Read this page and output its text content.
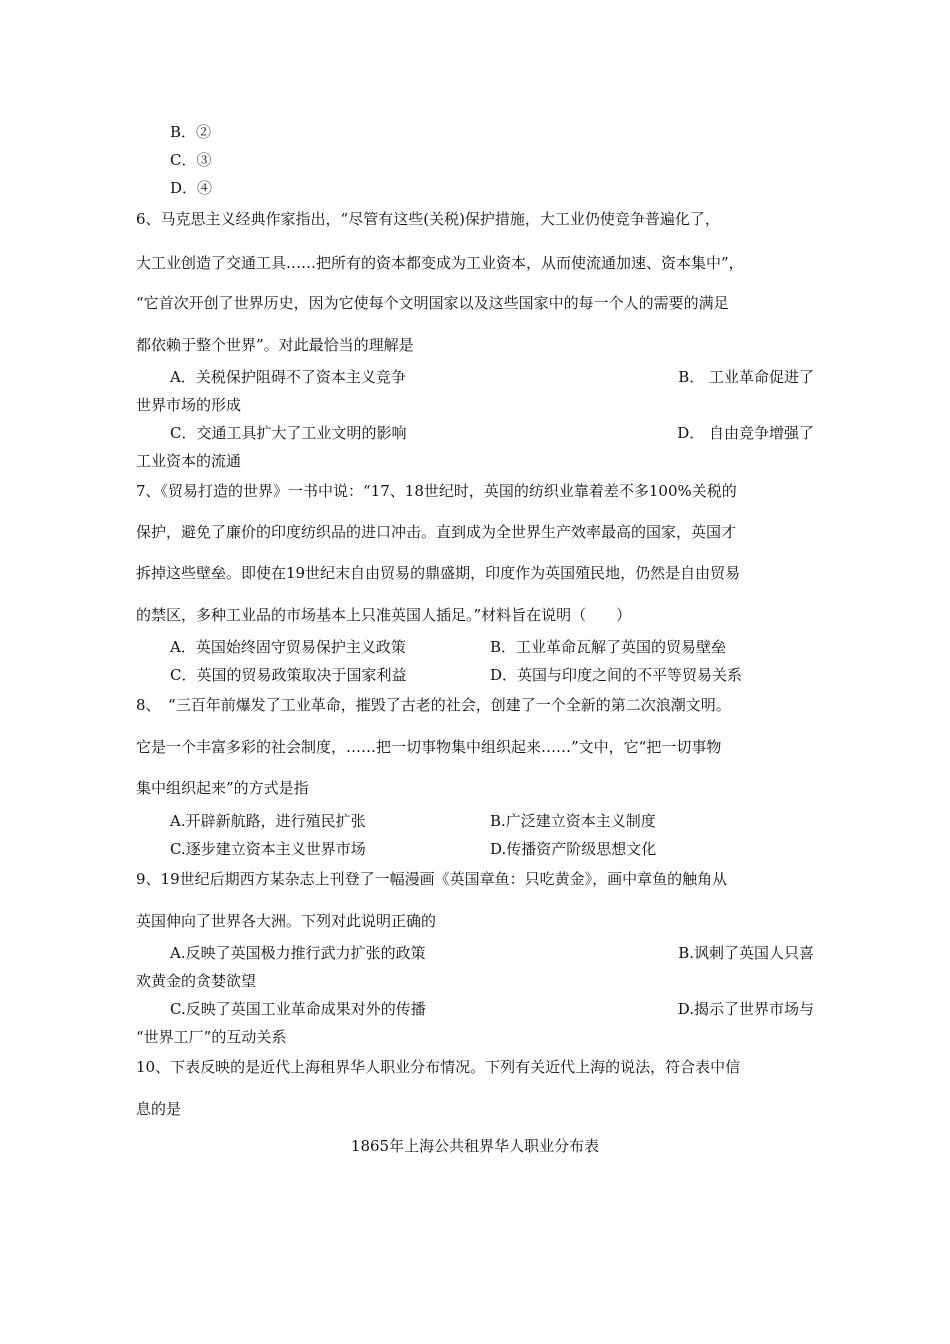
B．②
C．③
D．④
6、马克思主义经典作家指出，“尽管有这些(关税)保护措施，大工业仍使竞争普遍化了，
大工业创造了交通工具……把所有的资本都变成为工业资本，从而使流通加速、资本集中”，
“它首次开创了世界历史，因为它使每个文明国家以及这些国家中的每一个人的需要的满足
都依赖于整个世界”。对此最恰当的理解是
A．关税保护阻碍不了资本主义竞争	B． 工业革命促进了
世界市场的形成
C．交通工具扩大了工业文明的影响	D． 自由竞争增强了
工业资本的流通
7、《贸易打造的世界》一书中说：“17、18世纪时，英国的纺织业靠着差不多100%关税的
保护，避免了廉价的印度纺织品的进口冲击。直到成为全世界生产效率最高的国家，英国才
拆掉这些壁垒。即使在19世纪末自由贸易的鼎盛期，印度作为英国殖民地，仍然是自由贸易
的禁区，多种工业品的市场基本上只准英国人插足。”材料旨在说明（　　）
A．英国始终固守贸易保护主义政策	B．工业革命瓦解了英国的贸易壁垒
C．英国的贸易政策取决于国家利益	D．英国与印度之间的不平等贸易关系
8、　“三百年前爆发了工业革命，摧毁了古老的社会，创建了一个全新的第二次浪潮文明。
它是一个丰富多彩的社会制度，……把一切事物集中组织起来……”文中，它“把一切事物
集中组织起来”的方式是指
A.开辟新航路，进行殖民扩张	B.广泛建立资本主义制度
C.逐步建立资本主义世界市场	D.传播资产阶级思想文化
9、19世纪后期西方某杂志上刊登了一幅漫画《英国章鱼：只吃黄金》，画中章鱼的触角从
英国伸向了世界各大洲。下列对此说明正确的
A.反映了英国极力推行武力扩张的政策	B.讽刺了英国人只喜
欢黄金的贪婪欲望
C.反映了英国工业革命成果对外的传播	D.揭示了世界市场与
“世界工厂”的互动关系
10、下表反映的是近代上海租界华人职业分布情况。下列有关近代上海的说法，符合表中信
息的是
1865年上海公共租界华人职业分布表
